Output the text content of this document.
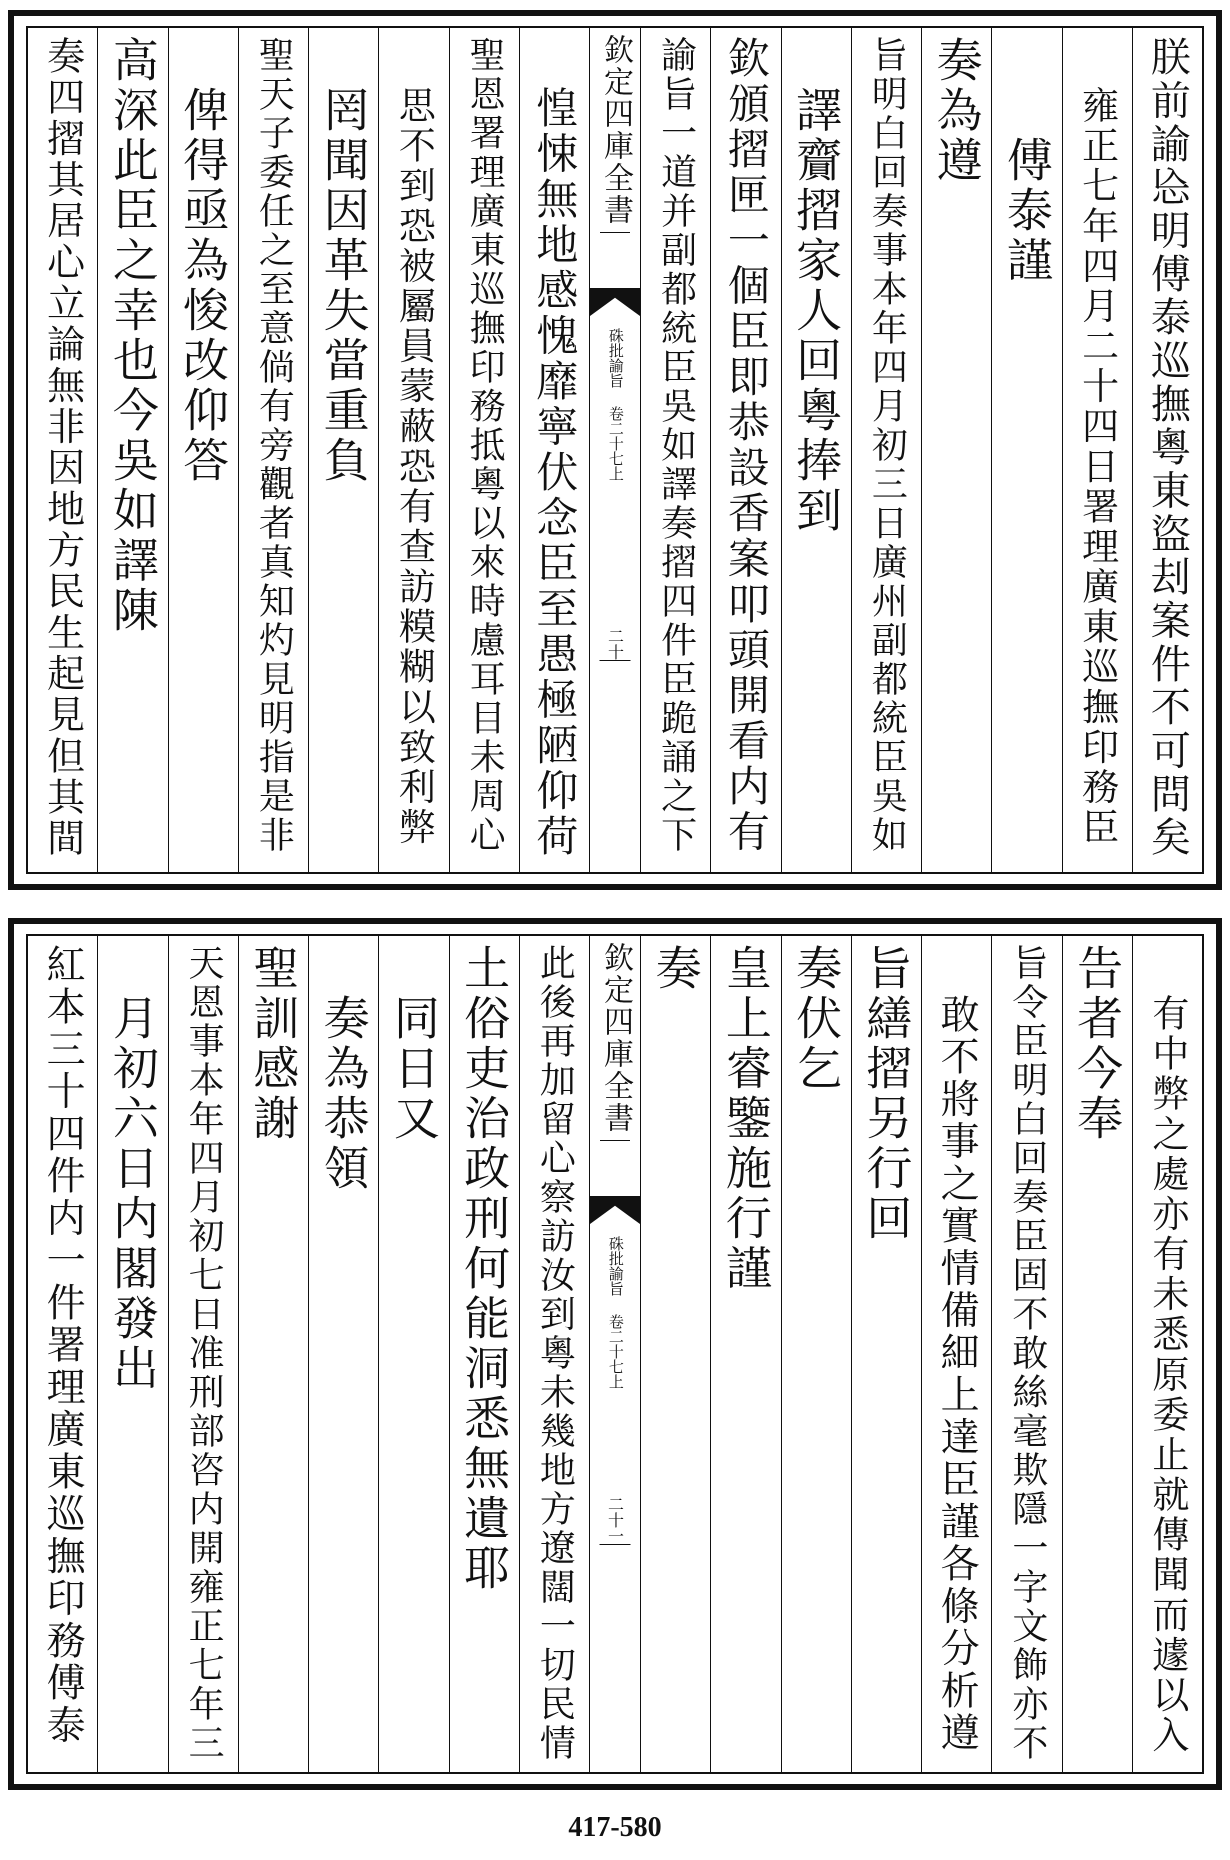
朕前諭㤀明傅泰巡撫粵東盜刦案件不可問矣
雍正七年四月二十四日署理廣東巡撫印務臣
傅泰謹
奏為遵
旨明白回奏事本年四月初三日廣州副都統臣吳如
譯齎摺家人回粵捧到
欽頒摺匣一個臣即恭設香案叩頭開看内有
諭旨一道并副都統臣吳如譯奏摺四件臣跪誦之下
欽定四庫全書
硃批諭旨 卷二十七上
二十
惶悚無地感愧靡寧伏念臣至愚極陋仰荷
聖恩署理廣東巡撫印務抵粵以來時慮耳目未周心
思不到恐被屬員蒙蔽恐有查訪糢糊以致利弊
罔聞因革失當重負
聖天子委任之至意倘有旁觀者真知灼見明指是非
俾得亟為悛改仰答
高深此臣之幸也今吳如譯陳
奏四摺其居心立論無非因地方民生起見但其間
有中弊之處亦有未悉原委止就傳聞而遽以入
告者今奉
旨令臣明白回奏臣固不敢絲毫欺隱一字文飾亦不
敢不將事之實情備細上達臣謹各條分析遵
旨繕摺另行回
奏伏乞
皇上睿鑒施行謹
奏
欽定四庫全書
硃批諭旨 卷二十七上
二十一
此後再加留心察訪汝到粵未幾地方遼闊一切民情
土俗吏治政刑何能洞悉無遺耶
同日又
奏為恭領
聖訓感謝
天恩事本年四月初七日准刑部咨内開雍正七年三
月初六日内閣發出
紅本三十四件内一件署理廣東巡撫印務傅泰
417-580
